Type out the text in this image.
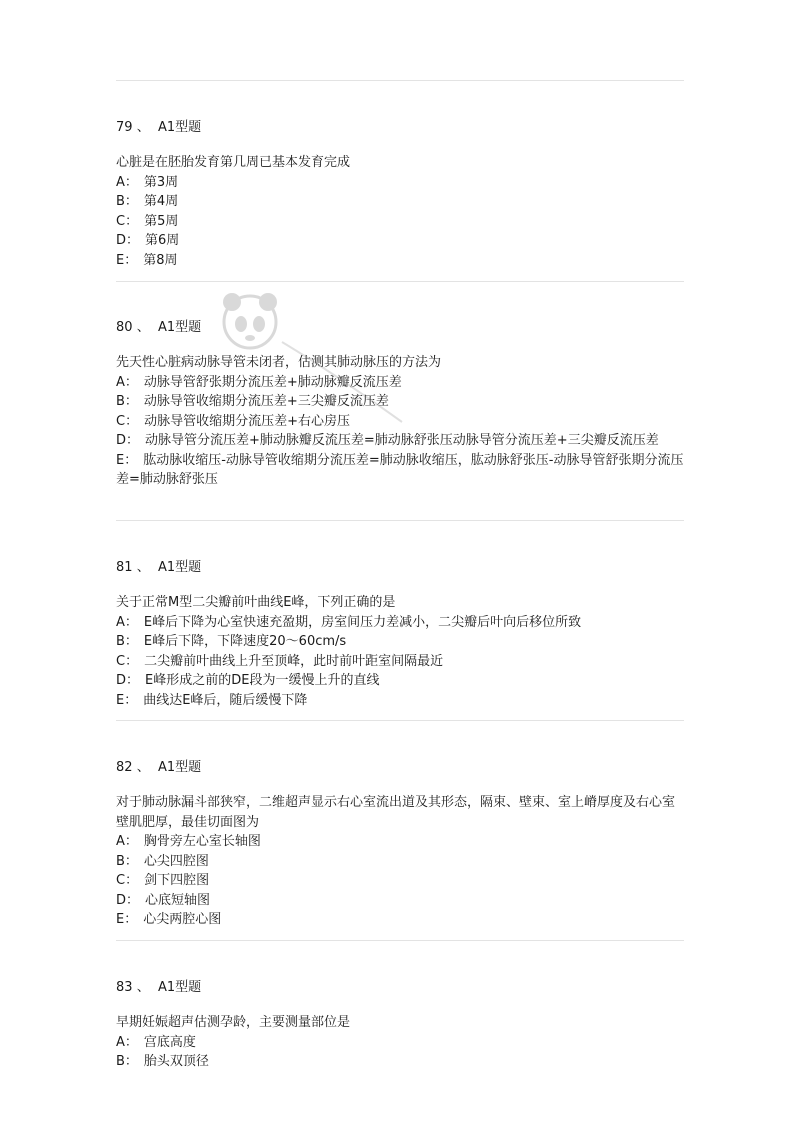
79 、 A1型题

心脏是在胚胎发育第几周已基本发育完成

A： 第3周

B： 第4周

C： 第5周

D： 第6周

E： 第8周

80 、 A1型题

先天性心脏病动脉导管未闭者，估测其肺动脉压的方法为

A： 动脉导管舒张期分流压差+肺动脉瓣反流压差

B： 动脉导管收缩期分流压差+三尖瓣反流压差

C： 动脉导管收缩期分流压差+右心房压

D： 动脉导管分流压差+肺动脉瓣反流压差=肺动脉舒张压动脉导管分流压差+三尖瓣反流压差

E： 肱动脉收缩压-动脉导管收缩期分流压差=肺动脉收缩压，肱动脉舒张压-动脉导管舒张期分流压差=肺动脉舒张压

81 、 A1型题

关于正常M型二尖瓣前叶曲线E峰，下列正确的是

A： E峰后下降为心室快速充盈期，房室间压力差减小，二尖瓣后叶向后移位所致

B： E峰后下降，下降速度20～60cm/s

C： 二尖瓣前叶曲线上升至顶峰，此时前叶距室间隔最近

D： E峰形成之前的DE段为一缓慢上升的直线

E： 曲线达E峰后，随后缓慢下降

82 、 A1型题

对于肺动脉漏斗部狭窄，二维超声显示右心室流出道及其形态，隔束、壁束、室上嵴厚度及右心室壁肌肥厚，最佳切面图为

A： 胸骨旁左心室长轴图

B： 心尖四腔图

C： 剑下四腔图

D： 心底短轴图

E： 心尖两腔心图

83 、 A1型题

早期妊娠超声估测孕龄，主要测量部位是

A： 宫底高度

B： 胎头双顶径
